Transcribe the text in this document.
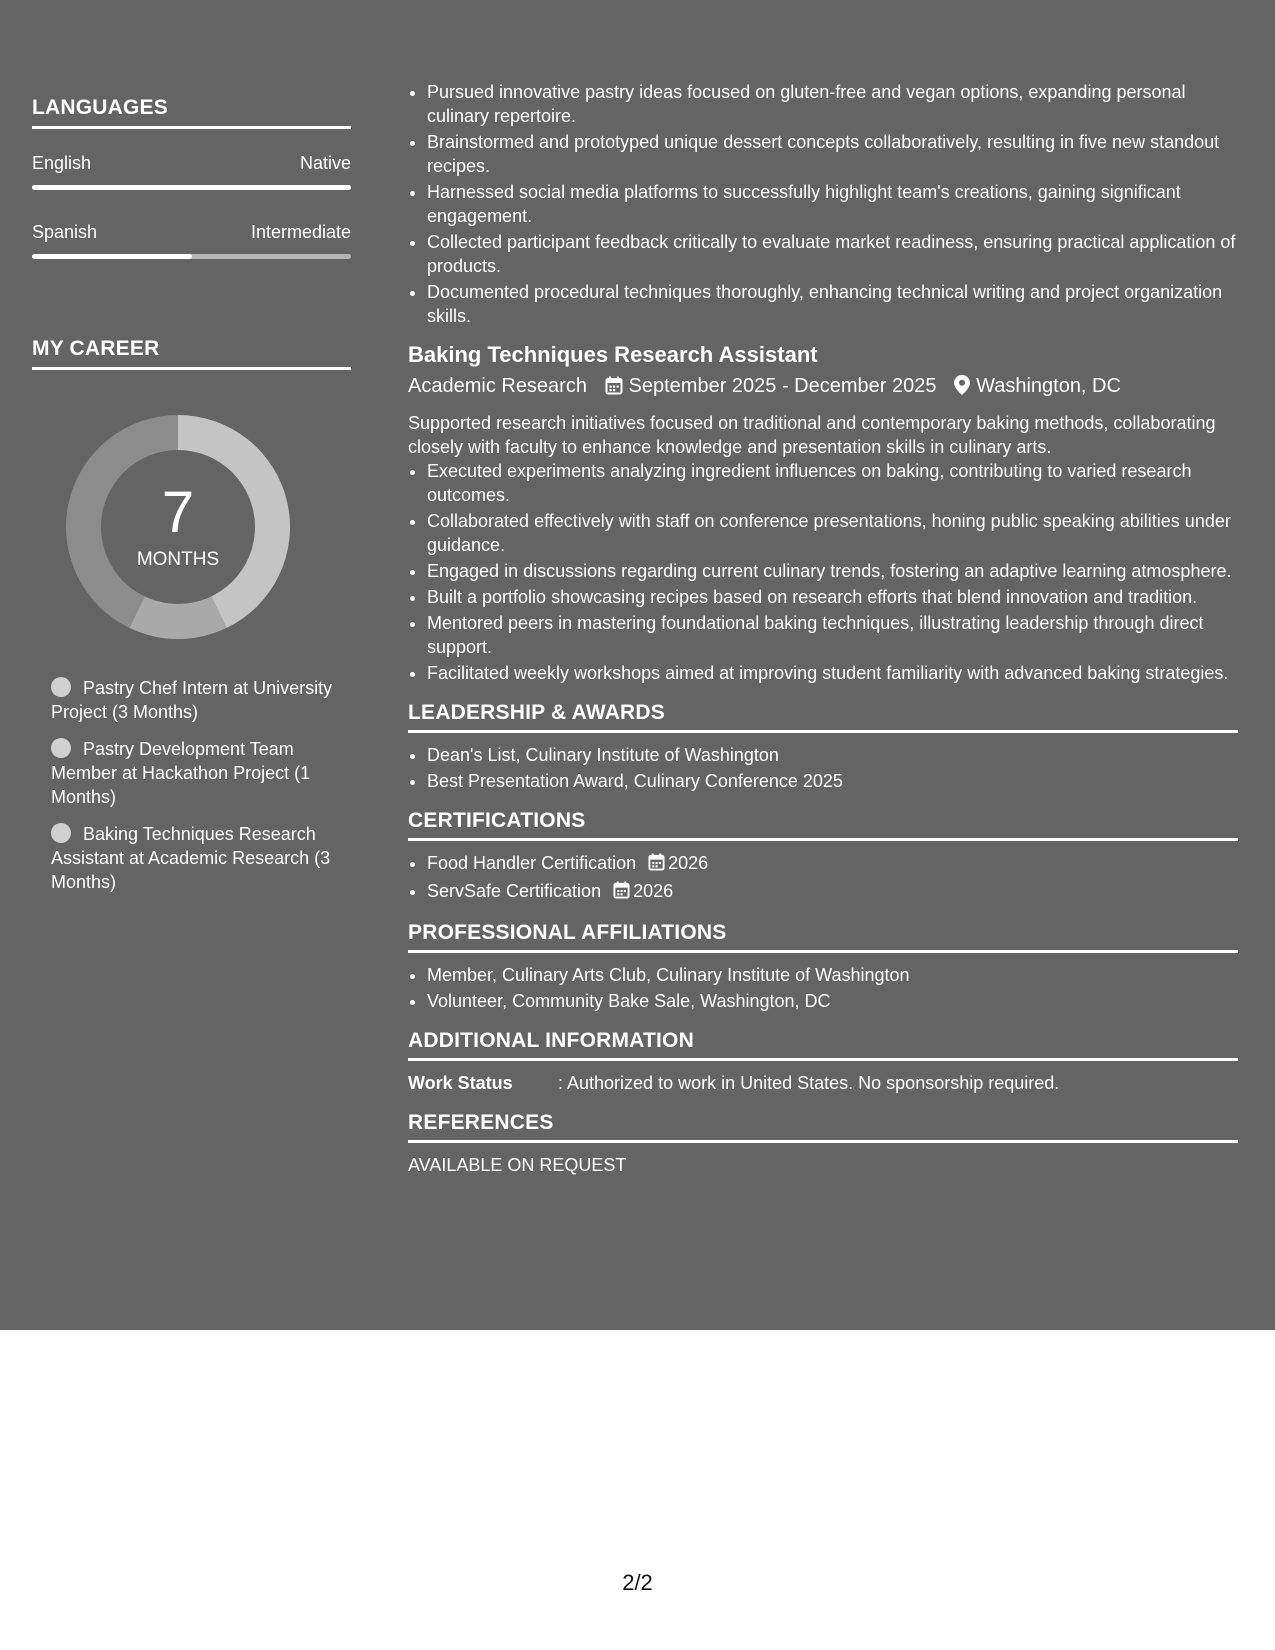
LANGUAGES
English	Native
Spanish	Intermediate
MY CAREER
7
MONTHS
Pastry Chef Intern at University Project (3 Months)
Pastry Development Team Member at Hackathon Project (1 Months)
Baking Techniques Research Assistant at Academic Research (3 Months)
• Pursued innovative pastry ideas focused on gluten-free and vegan options, expanding personal culinary repertoire.
• Brainstormed and prototyped unique dessert concepts collaboratively, resulting in five new standout recipes.
• Harnessed social media platforms to successfully highlight team's creations, gaining significant engagement.
• Collected participant feedback critically to evaluate market readiness, ensuring practical application of products.
• Documented procedural techniques thoroughly, enhancing technical writing and project organization skills.
Baking Techniques Research Assistant
Academic Research September 2025 - December 2025 Washington, DC
Supported research initiatives focused on traditional and contemporary baking methods, collaborating closely with faculty to enhance knowledge and presentation skills in culinary arts.
• Executed experiments analyzing ingredient influences on baking, contributing to varied research outcomes.
• Collaborated effectively with staff on conference presentations, honing public speaking abilities under guidance.
• Engaged in discussions regarding current culinary trends, fostering an adaptive learning atmosphere.
• Built a portfolio showcasing recipes based on research efforts that blend innovation and tradition.
• Mentored peers in mastering foundational baking techniques, illustrating leadership through direct support.
• Facilitated weekly workshops aimed at improving student familiarity with advanced baking strategies.
LEADERSHIP & AWARDS
• Dean's List, Culinary Institute of Washington
• Best Presentation Award, Culinary Conference 2025
CERTIFICATIONS
• Food Handler Certification 2026
• ServSafe Certification 2026
PROFESSIONAL AFFILIATIONS
• Member, Culinary Arts Club, Culinary Institute of Washington
• Volunteer, Community Bake Sale, Washington, DC
ADDITIONAL INFORMATION
Work Status	: Authorized to work in United States. No sponsorship required.
REFERENCES
AVAILABLE ON REQUEST
2/2
